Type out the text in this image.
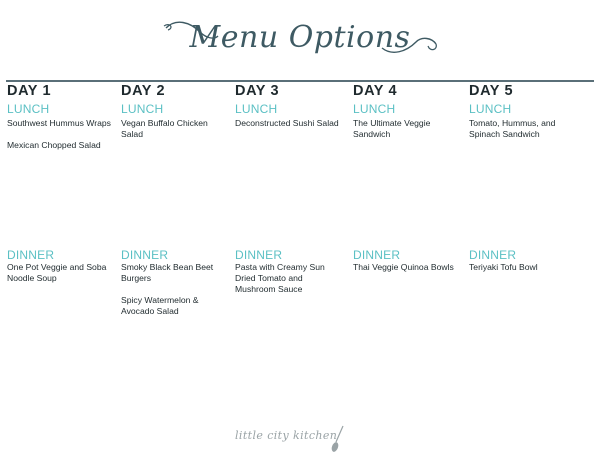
Menu Options
DAY 1
LUNCH
Southwest Hummus Wraps
Mexican Chopped Salad
DINNER
One Pot Veggie and Soba Noodle Soup
DAY 2
LUNCH
Vegan Buffalo Chicken Salad
DINNER
Smoky Black Bean Beet Burgers
Spicy Watermelon & Avocado Salad
DAY 3
LUNCH
Deconstructed Sushi Salad
DINNER
Pasta with Creamy Sun Dried Tomato and Mushroom Sauce
DAY 4
LUNCH
The Ultimate Veggie Sandwich
DINNER
Thai Veggie Quinoa Bowls
DAY 5
LUNCH
Tomato, Hummus, and Spinach Sandwich
DINNER
Teriyaki Tofu Bowl
little city kitchen
